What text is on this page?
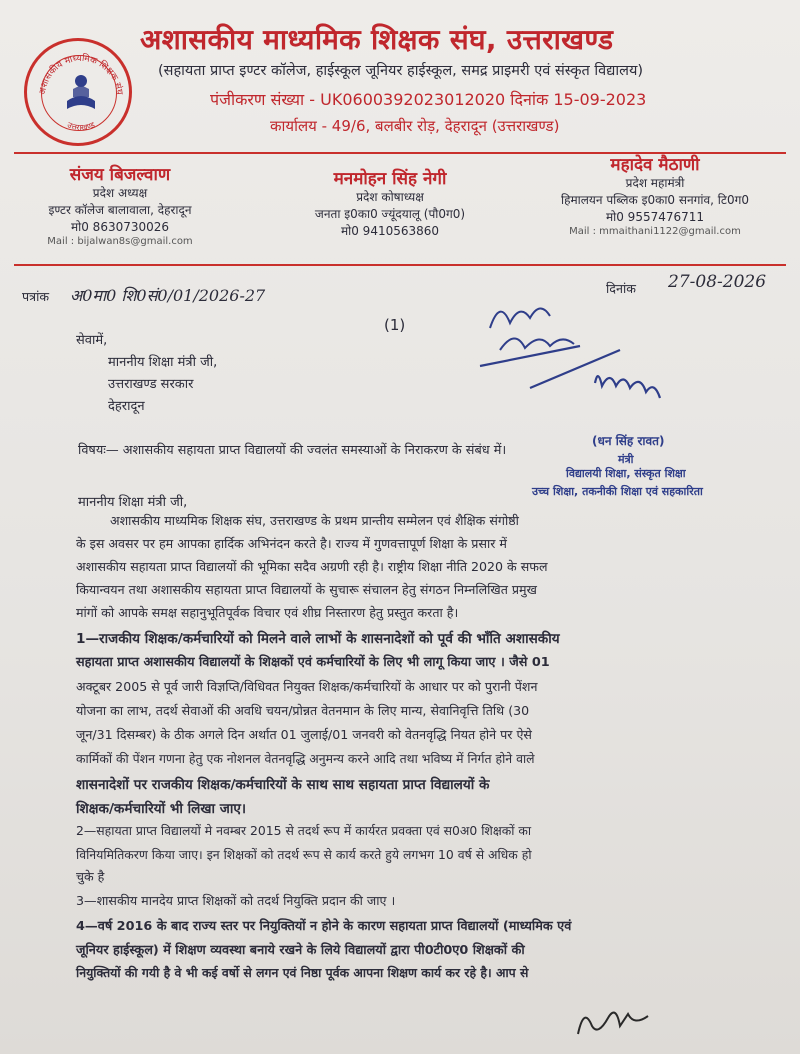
अशासकीय माध्यमिक शिक्षक संघ
उत्तराखण्ड
अशासकीय माध्यमिक शिक्षक संघ, उत्तराखण्ड
(सहायता प्राप्त इण्टर कॉलेज, हाईस्कूल जूनियर हाईस्कूल, समद्र प्राइमरी एवं संस्कृत विद्यालय)
पंजीकरण संख्या - UK0600392023012020 दिनांक 15-09-2023
कार्यालय - 49/6, बलबीर रोड़, देहरादून (उत्तराखण्ड)
संजय बिजल्वाण
प्रदेश अध्यक्ष
इण्टर कॉलेज बालावाला, देहरादून
मो0 8630730026
Mail : bijalwan8s@gmail.com
मनमोहन सिंह नेगी
प्रदेश कोषाध्यक्ष
जनता इ0का0 ज्यूंदयालू (पौ0ग0)
मो0 9410563860
महादेव मैठाणी
प्रदेश महामंत्री
हिमालयन पब्लिक इ0का0 सनगांव, टि0ग0
मो0 9557476711
Mail : mmaithani1122@gmail.com
पत्रांक अ0मा0 शि0सं0/01/2026-27	दिनांक 27-08-2026
(1)
सेवामें,
माननीय शिक्षा मंत्री जी,
उत्तराखण्ड सरकार
देहरादून
विषयः— अशासकीय सहायता प्राप्त विद्यालयों की ज्वलंत समस्याओं के निराकरण के संबंध में।
(धन सिंह रावत)
मंत्री
विद्यालयी शिक्षा, संस्कृत शिक्षा
उच्च शिक्षा, तकनीकी शिक्षा एवं सहकारिता
माननीय शिक्षा मंत्री जी,
अशासकीय माध्यमिक शिक्षक संघ, उत्तराखण्ड के प्रथम प्रान्तीय सम्मेलन एवं शैक्षिक संगोष्ठी
के इस अवसर पर हम आपका हार्दिक अभिनंदन करते है। राज्य में गुणवत्तापूर्ण शिक्षा के प्रसार में
अशासकीय सहायता प्राप्त विद्यालयों की भूमिका सदैव अग्रणी रही है। राष्ट्रीय शिक्षा नीति 2020 के सफल
कियान्वयन तथा अशासकीय सहायता प्राप्त विद्यालयों के सुचारू संचालन हेतु संगठन निम्नलिखित प्रमुख
मांगों को आपके समक्ष सहानुभूतिपूर्वक विचार एवं शीघ्र निस्तारण हेतु प्रस्तुत करता है।
1—राजकीय शिक्षक/कर्मचारियों को मिलने वाले लाभों के शासनादेशों को पूर्व की भाँति अशासकीय
सहायता प्राप्त अशासकीय विद्यालयों के शिक्षकों एवं कर्मचारियों के लिए भी लागू किया जाए । जैसे 01
अक्टूबर 2005 से पूर्व जारी विज्ञप्ति/विधिवत नियुक्त शिक्षक/कर्मचारियों के आधार पर को पुरानी पेंशन
योजना का लाभ, तदर्थ सेवाओं की अवधि चयन/प्रोन्नत वेतनमान के लिए मान्य, सेवानिवृत्ति तिथि (30
जून/31 दिसम्बर) के ठीक अगले दिन अर्थात 01 जुलाई/01 जनवरी को वेतनवृद्धि नियत होने पर ऐसे
कार्मिकों की पेंशन गणना हेतु एक नोशनल वेतनवृद्धि अनुमन्य करने आदि तथा भविष्य में निर्गत होने वाले
शासनादेशों पर राजकीय शिक्षक/कर्मचारियों के साथ साथ सहायता प्राप्त विद्यालयों के
शिक्षक/कर्मचारियों भी लिखा जाए।
2—सहायता प्राप्त विद्यालयों मे नवम्बर 2015 से तदर्थ रूप में कार्यरत प्रवक्ता एवं स0अ0 शिक्षकों का
विनियमितिकरण किया जाए। इन शिक्षकों को तदर्थ रूप से कार्य करते हुये लगभग 10 वर्ष से अधिक हो
चुके है
3—शासकीय मानदेय प्राप्त शिक्षकों को तदर्थ नियुक्ति प्रदान की जाए ।
4—वर्ष 2016 के बाद राज्य स्तर पर नियुक्तियों न होने के कारण सहायता प्राप्त विद्यालयों (माध्यमिक एवं
जूनियर हाईस्कूल) में शिक्षण व्यवस्था बनाये रखने के लिये विद्यालयों द्वारा पी0टी0ए0 शिक्षकों की
नियुक्तियों की गयी है वे भी कई वर्षो से लगन एवं निष्ठा पूर्वक आपना शिक्षण कार्य कर रहे है। आप से
